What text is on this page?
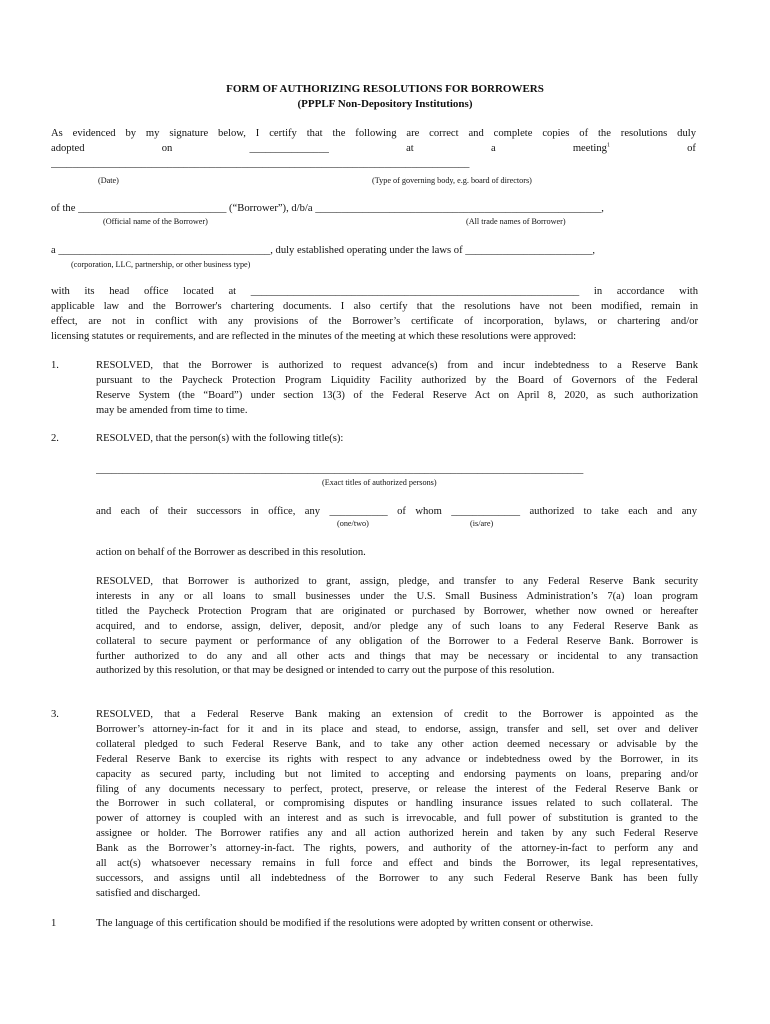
FORM OF AUTHORIZING RESOLUTIONS FOR BORROWERS
(PPPLF Non-Depository Institutions)
As evidenced by my signature below, I certify that the following are correct and complete copies of the resolutions duly
adopted	on	_______________	at	a	meeting$^1$	of
_______________________________________________________________________________
(Date)	(Type of governing body, e.g. board of directors)
of the ____________________________ (“Borrower”), d/b/a ______________________________________________________,
(Official name of the Borrower)	(All trade names of Borrower)
a ________________________________________, duly established operating under the laws of ________________________,
(corporation, LLC, partnership, or other business type)
with its head office located at ______________________________________________________________ in accordance with
applicable law and the Borrower's chartering documents. I also certify that the resolutions have not been modified, remain in
effect, are not in conflict with any provisions of the Borrower’s certificate of incorporation, bylaws, or chartering and/or
licensing statutes or requirements, and are reflected in the minutes of the meeting at which these resolutions were approved:
1.	RESOLVED, that the Borrower is authorized to request advance(s) from and incur indebtedness to a Reserve Bank
pursuant to the Paycheck Protection Program Liquidity Facility authorized by the Board of Governors of the Federal
Reserve System (the “Board”) under section 13(3) of the Federal Reserve Act on April 8, 2020, as such authorization
may be amended from time to time.
2.	RESOLVED, that the person(s) with the following title(s):
____________________________________________________________________________________________
(Exact titles of authorized persons)
and each of their successors in office, any ___________ of whom _____________ authorized to take each and any
(one/two)	(is/are)
action on behalf of the Borrower as described in this resolution.
RESOLVED, that Borrower is authorized to grant, assign, pledge, and transfer to any Federal Reserve Bank security
interests in any or all loans to small businesses under the U.S. Small Business Administration’s 7(a) loan program
titled the Paycheck Protection Program that are originated or purchased by Borrower, whether now owned or hereafter
acquired, and to endorse, assign, deliver, deposit, and/or pledge any of such loans to any Federal Reserve Bank as
collateral to secure payment or performance of any obligation of the Borrower to a Federal Reserve Bank. Borrower is
further authorized to do any and all other acts and things that may be necessary or incidental to any transaction
authorized by this resolution, or that may be designed or intended to carry out the purpose of this resolution.
3.	RESOLVED, that a Federal Reserve Bank making an extension of credit to the Borrower is appointed as the
Borrower’s attorney-in-fact for it and in its place and stead, to endorse, assign, transfer and sell, set over and deliver
collateral pledged to such Federal Reserve Bank, and to take any other action deemed necessary or advisable by the
Federal Reserve Bank to exercise its rights with respect to any advance or indebtedness owed by the Borrower, in its
capacity as secured party, including but not limited to accepting and endorsing payments on loans, preparing and/or
filing of any documents necessary to perfect, protect, preserve, or release the interest of the Federal Reserve Bank or
the Borrower in such collateral, or compromising disputes or handling insurance issues related to such collateral. The
power of attorney is coupled with an interest and as such is irrevocable, and full power of substitution is granted to the
assignee or holder. The Borrower ratifies any and all action authorized herein and taken by any such Federal Reserve
Bank as the Borrower’s attorney-in-fact. The rights, powers, and authority of the attorney-in-fact to perform any and
all act(s) whatsoever necessary remains in full force and effect and binds the Borrower, its legal representatives,
successors, and assigns until all indebtedness of the Borrower to any such Federal Reserve Bank has been fully
satisfied and discharged.
1	The language of this certification should be modified if the resolutions were adopted by written consent or otherwise.
